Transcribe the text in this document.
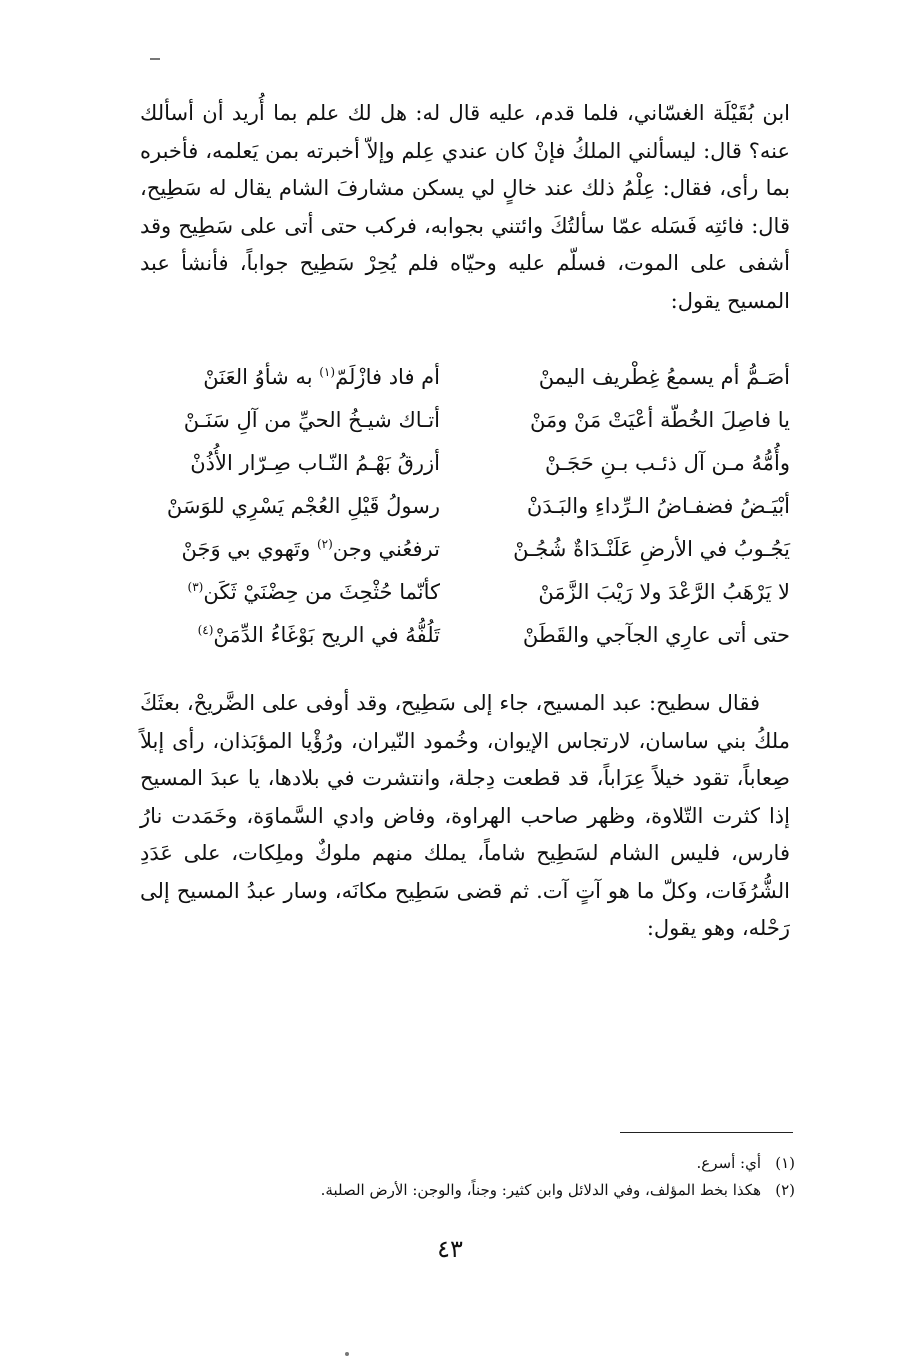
ابن بُقَيْلَة الغسّاني، فلما قدم، عليه قال له: هل لك علم بما أُريد أن أسألك عنه؟ قال: ليسألني الملكُ فإنْ كان عندي عِلم وإلاّ أخبرته بمن يَعلمه، فأخبره بما رأى، فقال: عِلْمُ ذلك عند خالٍ لي يسكن مشارفَ الشام يقال له سَطِيح، قال: فائتِه فَسَله عمّا سألتُكَ وائتني بجوابه، فركب حتى أتى على سَطِيح وقد أشفى على الموت، فسلّم عليه وحيّاه فلم يُحِرْ سَطِيح جواباً، فأنشأ عبد المسيح يقول:

أصَـمُّ أم يسمعُ غِطْريف اليمنْ
أم فاد فازْلَمّ$^{(١)}$ به شأوُ العَنَنْ
يا فاصِلَ الخُطّة أعْيَتْ مَنْ ومَنْ
أتـاك شيـخُ الحيِّ من آلِ سَنَـنْ
وأُمُّهُ مـن آل ذئـب بـنِ حَجَـنْ
أزرقُ بَهْـمُ النّـاب صِـرّار الأُذُنْ
أبْيَـضُ فضفـاضُ الـرِّداءِ والبَـدَنْ
رسولُ قَيْلِ العُجْم يَسْرِي للوَسَنْ
يَجُـوبُ في الأرضِ عَلَنْـدَاةٌ شُجُـنْ
ترفعُني وجن$^{(٢)}$ وتَهوي بي وَجَنْ
لا يَرْهَبُ الرَّعْدَ ولا رَيْبَ الزَّمَنْ
كأنّما حُثْحِثَ من حِضْنَيْ ثَكَن$^{(٣)}$
حتى أتى عارِي الجآجي والقَطَنْ
تَلُفُّهُ في الريح بَوْغَاءُ الدِّمَنْ$^{(٤)}$

فقال سطيح: عبد المسيح، جاء إلى سَطِيح، وقد أوفى على الضَّريحْ، بعثَكَ ملكُ بني ساسان، لارتجاس الإيوان، وخُمود النّيران، ورُؤْيا المؤبَذان، رأى إبلاً صِعاباً، تقود خيلاً عِرَاباً، قد قطعت دِجلة، وانتشرت في بلادها، يا عبدَ المسيح إذا كثرت التّلاوة، وظهر صاحب الهراوة، وفاض وادي السَّماوَة، وخَمَدت نارُ فارس، فليس الشام لسَطِيح شاماً، يملك منهم ملوكٌ وملِكات، على عَدَدِ الشُّرُفَات، وكلّ ما هو آتٍ آت. ثم قضى سَطِيح مكانَه، وسار عبدُ المسيح إلى رَحْله، وهو يقول:

(١)أي: أسرع.
(٢)هكذا بخط المؤلف، وفي الدلائل وابن كثير: وجناً، والوجن: الأرض الصلبة.
٤٣
